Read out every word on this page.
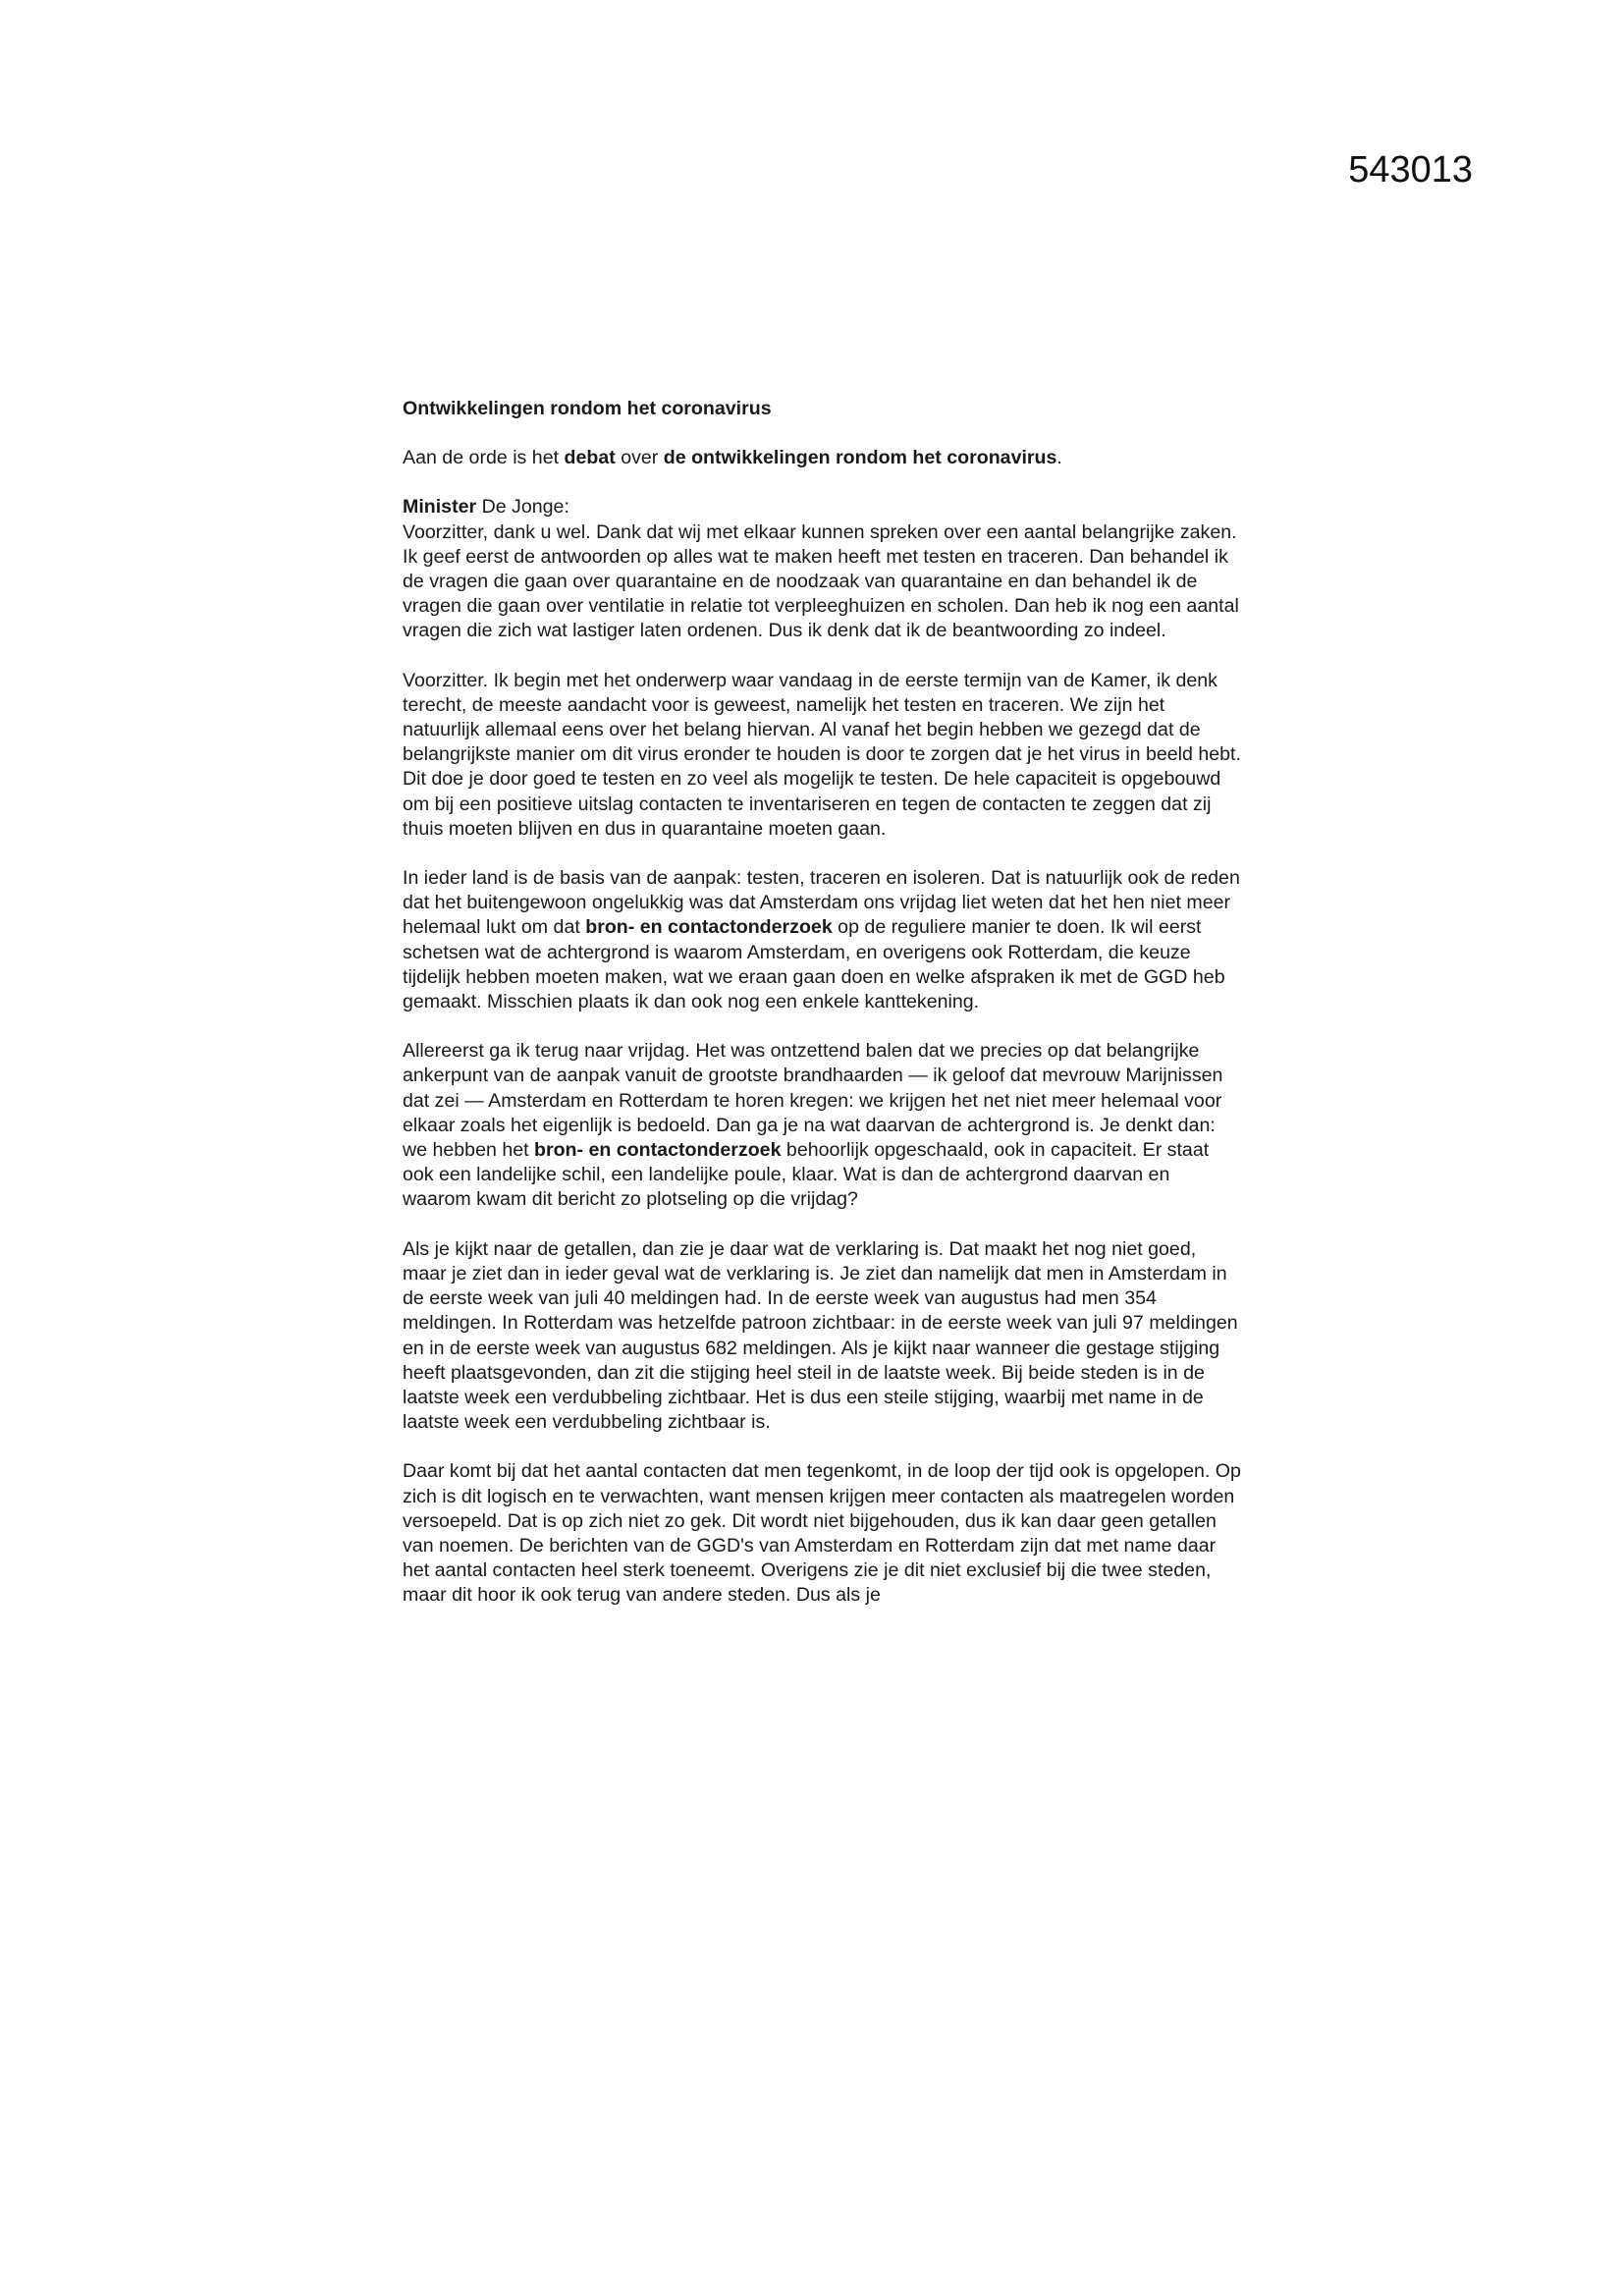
543013

Ontwikkelingen rondom het coronavirus

Aan de orde is het debat over de ontwikkelingen rondom het coronavirus.

Minister De Jonge:

Voorzitter, dank u wel. Dank dat wij met elkaar kunnen spreken over een aantal belangrijke zaken. Ik geef eerst de antwoorden op alles wat te maken heeft met testen en traceren. Dan behandel ik de vragen die gaan over quarantaine en de noodzaak van quarantaine en dan behandel ik de vragen die gaan over ventilatie in relatie tot verpleeghuizen en scholen. Dan heb ik nog een aantal vragen die zich wat lastiger laten ordenen. Dus ik denk dat ik de beantwoording zo indeel.

Voorzitter. Ik begin met het onderwerp waar vandaag in de eerste termijn van de Kamer, ik denk terecht, de meeste aandacht voor is geweest, namelijk het testen en traceren. We zijn het natuurlijk allemaal eens over het belang hiervan. Al vanaf het begin hebben we gezegd dat de belangrijkste manier om dit virus eronder te houden is door te zorgen dat je het virus in beeld hebt. Dit doe je door goed te testen en zo veel als mogelijk te testen. De hele capaciteit is opgebouwd om bij een positieve uitslag contacten te inventariseren en tegen de contacten te zeggen dat zij thuis moeten blijven en dus in quarantaine moeten gaan.

In ieder land is de basis van de aanpak: testen, traceren en isoleren. Dat is natuurlijk ook de reden dat het buitengewoon ongelukkig was dat Amsterdam ons vrijdag liet weten dat het hen niet meer helemaal lukt om dat bron- en contactonderzoek op de reguliere manier te doen. Ik wil eerst schetsen wat de achtergrond is waarom Amsterdam, en overigens ook Rotterdam, die keuze tijdelijk hebben moeten maken, wat we eraan gaan doen en welke afspraken ik met de GGD heb gemaakt. Misschien plaats ik dan ook nog een enkele kanttekening.

Allereerst ga ik terug naar vrijdag. Het was ontzettend balen dat we precies op dat belangrijke ankerpunt van de aanpak vanuit de grootste brandhaarden — ik geloof dat mevrouw Marijnissen dat zei — Amsterdam en Rotterdam te horen kregen: we krijgen het net niet meer helemaal voor elkaar zoals het eigenlijk is bedoeld. Dan ga je na wat daarvan de achtergrond is. Je denkt dan: we hebben het bron- en contactonderzoek behoorlijk opgeschaald, ook in capaciteit. Er staat ook een landelijke schil, een landelijke poule, klaar. Wat is dan de achtergrond daarvan en waarom kwam dit bericht zo plotseling op die vrijdag?

Als je kijkt naar de getallen, dan zie je daar wat de verklaring is. Dat maakt het nog niet goed, maar je ziet dan in ieder geval wat de verklaring is. Je ziet dan namelijk dat men in Amsterdam in de eerste week van juli 40 meldingen had. In de eerste week van augustus had men 354 meldingen. In Rotterdam was hetzelfde patroon zichtbaar: in de eerste week van juli 97 meldingen en in de eerste week van augustus 682 meldingen. Als je kijkt naar wanneer die gestage stijging heeft plaatsgevonden, dan zit die stijging heel steil in de laatste week. Bij beide steden is in de laatste week een verdubbeling zichtbaar. Het is dus een steile stijging, waarbij met name in de laatste week een verdubbeling zichtbaar is.

Daar komt bij dat het aantal contacten dat men tegenkomt, in de loop der tijd ook is opgelopen. Op zich is dit logisch en te verwachten, want mensen krijgen meer contacten als maatregelen worden versoepeld. Dat is op zich niet zo gek. Dit wordt niet bijgehouden, dus ik kan daar geen getallen van noemen. De berichten van de GGD's van Amsterdam en Rotterdam zijn dat met name daar het aantal contacten heel sterk toeneemt. Overigens zie je dit niet exclusief bij die twee steden, maar dit hoor ik ook terug van andere steden. Dus als je
